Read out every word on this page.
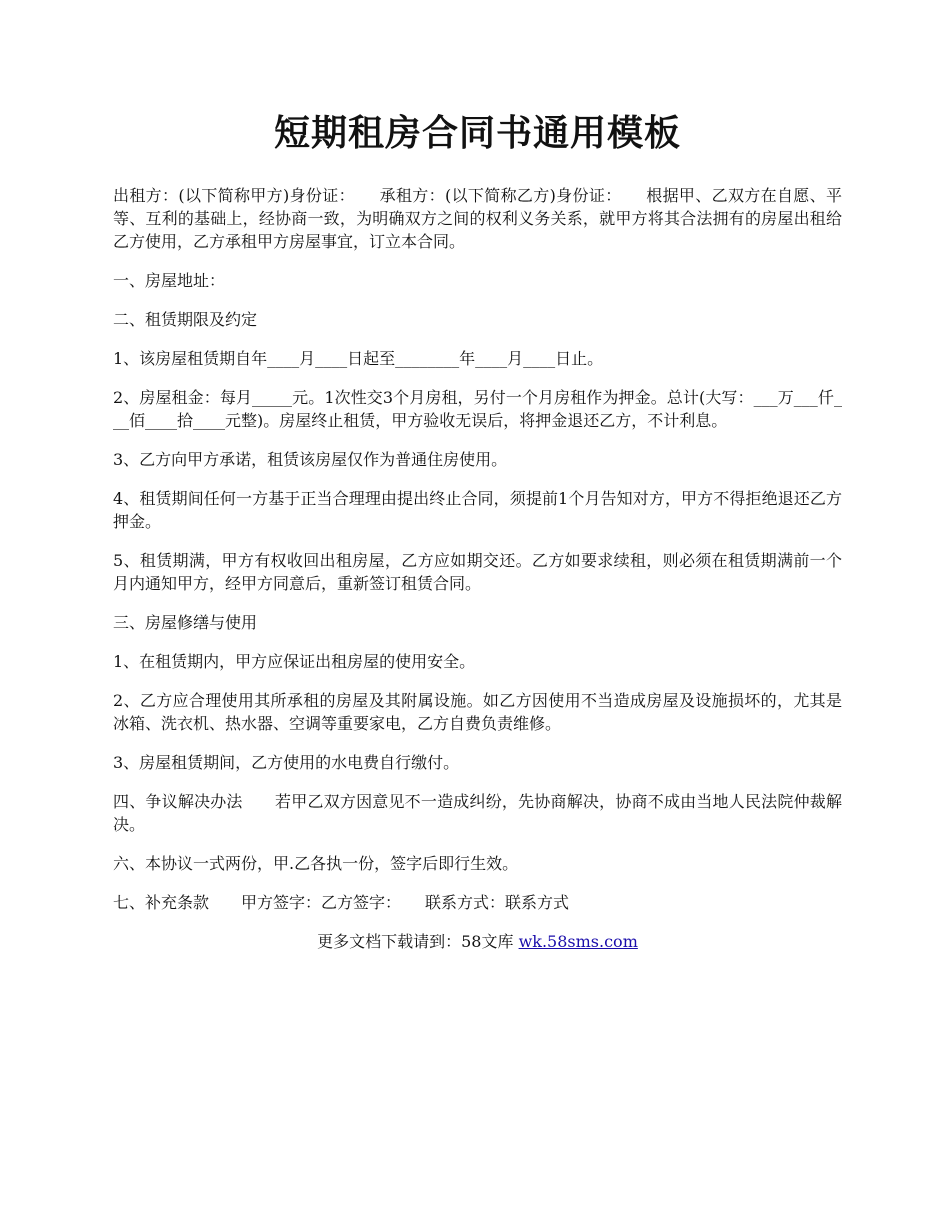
短期租房合同书通用模板

出租方：(以下简称甲方)身份证：　　承租方：(以下简称乙方)身份证：　　根据甲、乙双方在自愿、平等、互利的基础上，经协商一致，为明确双方之间的权利义务关系，就甲方将其合法拥有的房屋出租给乙方使用，乙方承租甲方房屋事宜，订立本合同。

一、房屋地址：

二、租赁期限及约定

1、该房屋租赁期自年____月____日起至________年____月____日止。

2、房屋租金：每月_____元。1次性交3个月房租，另付一个月房租作为押金。总计(大写：___万___仟___佰____拾____元整)。房屋终止租赁，甲方验收无误后，将押金退还乙方，不计利息。

3、乙方向甲方承诺，租赁该房屋仅作为普通住房使用。

4、租赁期间任何一方基于正当合理理由提出终止合同，须提前1个月告知对方，甲方不得拒绝退还乙方押金。

5、租赁期满，甲方有权收回出租房屋，乙方应如期交还。乙方如要求续租，则必须在租赁期满前一个月内通知甲方，经甲方同意后，重新签订租赁合同。

三、房屋修缮与使用

1、在租赁期内，甲方应保证出租房屋的使用安全。

2、乙方应合理使用其所承租的房屋及其附属设施。如乙方因使用不当造成房屋及设施损坏的，尤其是冰箱、洗衣机、热水器、空调等重要家电，乙方自费负责维修。

3、房屋租赁期间，乙方使用的水电费自行缴付。

四、争议解决办法　　若甲乙双方因意见不一造成纠纷，先协商解决，协商不成由当地人民法院仲裁解决。

六、本协议一式两份，甲.乙各执一份，签字后即行生效。

七、补充条款　　甲方签字：乙方签字：　　联系方式：联系方式

更多文档下载请到：58文库 wk.58sms.com
